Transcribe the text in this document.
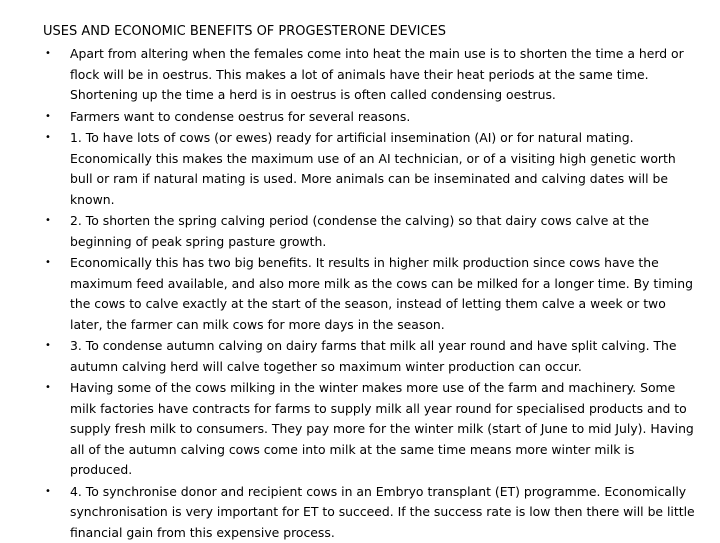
USES AND ECONOMIC BENEFITS OF PROGESTERONE DEVICES
• Apart from altering when the females come into heat the main use is to shorten the time a herd or flock will be in oestrus. This makes a lot of animals have their heat periods at the same time. Shortening up the time a herd is in oestrus is often called condensing oestrus.
• Farmers want to condense oestrus for several reasons.
• 1. To have lots of cows (or ewes) ready for artificial insemination (AI) or for natural mating. Economically this makes the maximum use of an AI technician, or of a visiting high genetic worth bull or ram if natural mating is used. More animals can be inseminated and calving dates will be known.
• 2. To shorten the spring calving period (condense the calving) so that dairy cows calve at the beginning of peak spring pasture growth.
• Economically this has two big benefits. It results in higher milk production since cows have the maximum feed available, and also more milk as the cows can be milked for a longer time. By timing the cows to calve exactly at the start of the season, instead of letting them calve a week or two later, the farmer can milk cows for more days in the season.
• 3. To condense autumn calving on dairy farms that milk all year round and have split calving. The autumn calving herd will calve together so maximum winter production can occur.
• Having some of the cows milking in the winter makes more use of the farm and machinery. Some milk factories have contracts for farms to supply milk all year round for specialised products and to supply fresh milk to consumers. They pay more for the winter milk (start of June to mid July). Having all of the autumn calving cows come into milk at the same time means more winter milk is produced.
• 4. To synchronise donor and recipient cows in an Embryo transplant (ET) programme. Economically synchronisation is very important for ET to succeed. If the success rate is low then there will be little financial gain from this expensive process.
